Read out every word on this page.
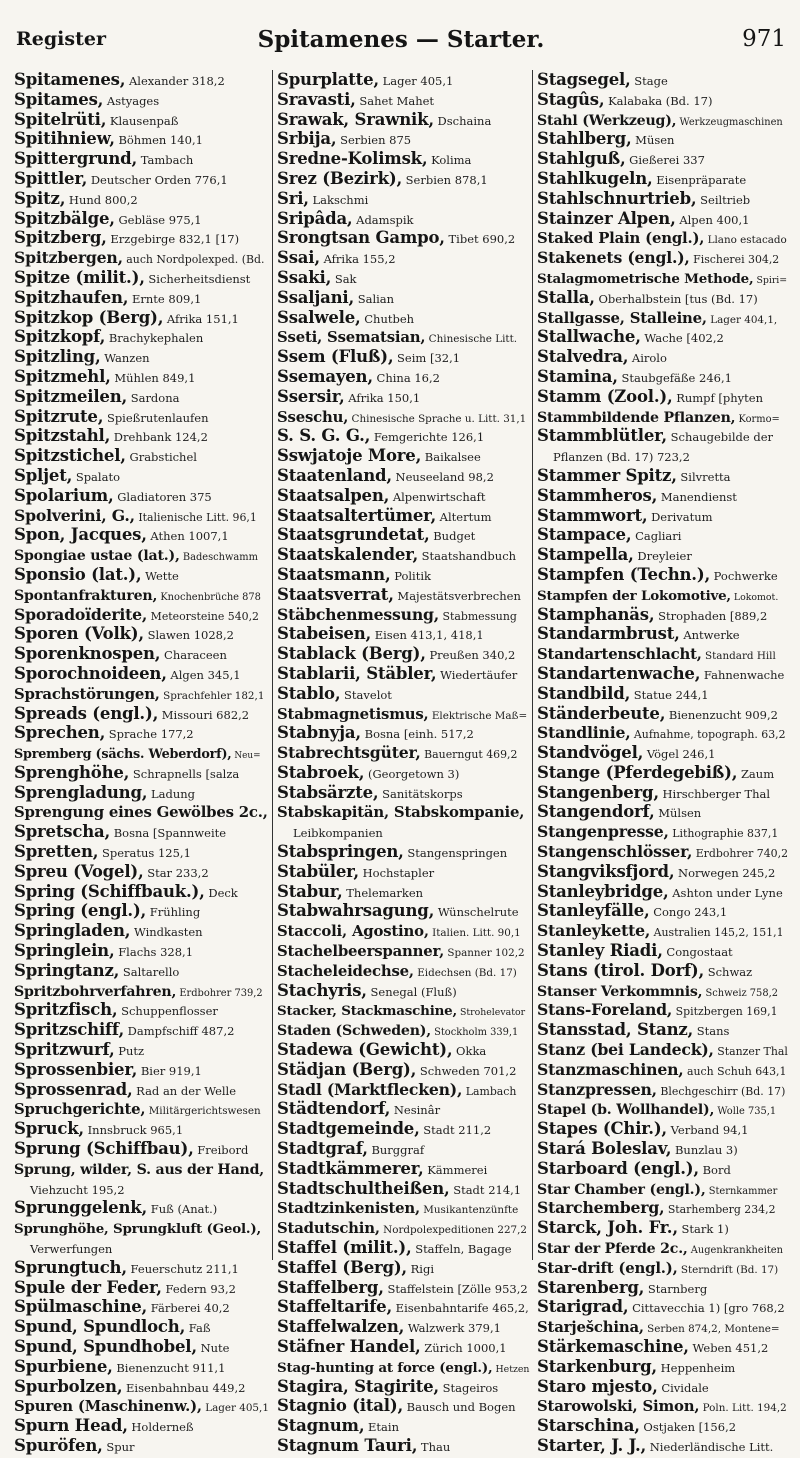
Register	Spitamenes — Starter.	971
Spitamenes, Alexander 318,2
Spitames, Astyages
Spitelrüti, Klausenpaß
Spitihniew, Böhmen 140,1
Spittergrund, Tambach
Spittler, Deutscher Orden 776,1
Spitz, Hund 800,2
Spitzbälge, Gebläse 975,1
Spitzberg, Erzgebirge 832,1 [17)
Spitzbergen, auch Nordpolexped. (Bd.
Spitze (milit.), Sicherheitsdienst
Spitzhaufen, Ernte 809,1
Spitzkop (Berg), Afrika 151,1
Spitzkopf, Brachykephalen
Spitzling, Wanzen
Spitzmehl, Mühlen 849,1
Spitzmeilen, Sardona
Spitzrute, Spießrutenlaufen
Spitzstahl, Drehbank 124,2
Spitzstichel, Grabstichel
Spljet, Spalato
Spolarium, Gladiatoren 375
Spolverini, G., Italienische Litt. 96,1
Spon, Jacques, Athen 1007,1
Spongiae ustae (lat.), Badeschwamm
Sponsio (lat.), Wette
Spontanfrakturen, Knochenbrüche 878
Sporadoïderite, Meteorsteine 540,2
Sporen (Volk), Slawen 1028,2
Sporenknospen, Characeen
Sporochnoideen, Algen 345,1
Sprachstörungen, Sprachfehler 182,1
Spreads (engl.), Missouri 682,2
Sprechen, Sprache 177,2
Spremberg (sächs. Weberdorf), Neu=
Sprenghöhe, Schrapnells [salza
Sprengladung, Ladung
Sprengung eines Gewölbes 2c.,
Spretscha, Bosna [Spannweite
Spretten, Speratus 125,1
Spreu (Vogel), Star 233,2
Spring (Schiffbauk.), Deck
Spring (engl.), Frühling
Springladen, Windkasten
Springlein, Flachs 328,1
Springtanz, Saltarello
Spritzbohrverfahren, Erdbohrer 739,2
Spritzfisch, Schuppenflosser
Spritzschiff, Dampfschiff 487,2
Spritzwurf, Putz
Sprossenbier, Bier 919,1
Sprossenrad, Rad an der Welle
Spruchgerichte, Militärgerichtswesen
Spruck, Innsbruck 965,1
Sprung (Schiffbau), Freibord
Sprung, wilder, S. aus der Hand,
Viehzucht 195,2
Sprunggelenk, Fuß (Anat.)
Sprunghöhe, Sprungkluft (Geol.),
Verwerfungen
Sprungtuch, Feuerschutz 211,1
Spule der Feder, Federn 93,2
Spülmaschine, Färberei 40,2
Spund, Spundloch, Faß
Spund, Spundhobel, Nute
Spurbiene, Bienenzucht 911,1
Spurbolzen, Eisenbahnbau 449,2
Spuren (Maschinenw.), Lager 405,1
Spurn Head, Holderneß
Spuröfen, Spur
Spurplatte, Lager 405,1
Sravasti, Sahet Mahet
Srawak, Srawnik, Dschaina
Srbija, Serbien 875
Sredne-Kolimsk, Kolima
Srez (Bezirk), Serbien 878,1
Sri, Lakschmi
Sripâda, Adamspik
Srongtsan Gampo, Tibet 690,2
Ssai, Afrika 155,2
Ssaki, Sak
Ssaljani, Salian
Ssalwele, Chutbeh
Sseti, Ssematsian, Chinesische Litt.
Ssem (Fluß), Seim [32,1
Ssemayen, China 16,2
Ssersir, Afrika 150,1
Sseschu, Chinesische Sprache u. Litt. 31,1
S. S. G. G., Femgerichte 126,1
Sswjatoje More, Baikalsee
Staatenland, Neuseeland 98,2
Staatsalpen, Alpenwirtschaft
Staatsaltertümer, Altertum
Staatsgrundetat, Budget
Staatskalender, Staatshandbuch
Staatsmann, Politik
Staatsverrat, Majestätsverbrechen
Stäbchenmessung, Stabmessung
Stabeisen, Eisen 413,1, 418,1
Stablack (Berg), Preußen 340,2
Stablarii, Stäbler, Wiedertäufer
Stablo, Stavelot
Stabmagnetismus, Elektrische Maß=
Stabnyja, Bosna [einh. 517,2
Stabrechtsgüter, Bauerngut 469,2
Stabroek, (Georgetown 3)
Stabsärzte, Sanitätskorps
Stabskapitän, Stabskompanie,
Leibkompanien
Stabspringen, Stangenspringen
Stabüler, Hochstapler
Stabur, Thelemarken
Stabwahrsagung, Wünschelrute
Staccoli, Agostino, Italien. Litt. 90,1
Stachelbeerspanner, Spanner 102,2
Stacheleidechse, Eidechsen (Bd. 17)
Stachyris, Senegal (Fluß)
Stacker, Stackmaschine, Strohelevator
Staden (Schweden), Stockholm 339,1
Stadewa (Gewicht), Okka
Städjan (Berg), Schweden 701,2
Stadl (Marktflecken), Lambach
Städtendorf, Nesinâr
Stadtgemeinde, Stadt 211,2
Stadtgraf, Burggraf
Stadtkämmerer, Kämmerei
Stadtschultheißen, Stadt 214,1
Stadtzinkenisten, Musikantenzünfte
Stadutschin, Nordpolexpeditionen 227,2
Staffel (milit.), Staffeln, Bagage
Staffel (Berg), Rigi
Staffelberg, Staffelstein [Zölle 953,2
Staffeltarife, Eisenbahntarife 465,2,
Staffelwalzen, Walzwerk 379,1
Stäfner Handel, Zürich 1000,1
Stag-hunting at force (engl.), Hetzen
Stagira, Stagirite, Stageiros
Stagnio (ital), Bausch und Bogen
Stagnum, Etain
Stagnum Tauri, Thau
Stagsegel, Stage
Stagûs, Kalabaka (Bd. 17)
Stahl (Werkzeug), Werkzeugmaschinen
Stahlberg, Müsen
Stahlguß, Gießerei 337
Stahlkugeln, Eisenpräparate
Stahlschnurtrieb, Seiltrieb
Stainzer Alpen, Alpen 400,1
Staked Plain (engl.), Llano estacado
Stakenets (engl.), Fischerei 304,2
Stalagmometrische Methode, Spiri=
Stalla, Oberhalbstein [tus (Bd. 17)
Stallgasse, Stalleine, Lager 404,1,
Stallwache, Wache [402,2
Stalvedra, Airolo
Stamina, Staubgefäße 246,1
Stamm (Zool.), Rumpf [phyten
Stammbildende Pflanzen, Kormo=
Stammblütler, Schaugebilde der
Pflanzen (Bd. 17) 723,2
Stammer Spitz, Silvretta
Stammheros, Manendienst
Stammwort, Derivatum
Stampace, Cagliari
Stampella, Dreyleier
Stampfen (Techn.), Pochwerke
Stampfen der Lokomotive, Lokomot.
Stamphanäs, Strophaden [889,2
Standarmbrust, Antwerke
Standartenschlacht, Standard Hill
Standartenwache, Fahnenwache
Standbild, Statue 244,1
Ständerbeute, Bienenzucht 909,2
Standlinie, Aufnahme, topograph. 63,2
Standvögel, Vögel 246,1
Stange (Pferdegebiß), Zaum
Stangenberg, Hirschberger Thal
Stangendorf, Mülsen
Stangenpresse, Lithographie 837,1
Stangenschlösser, Erdbohrer 740,2
Stangviksfjord, Norwegen 245,2
Stanleybridge, Ashton under Lyne
Stanleyfälle, Congo 243,1
Stanleykette, Australien 145,2, 151,1
Stanley Riadi, Congostaat
Stans (tirol. Dorf), Schwaz
Stanser Verkommnis, Schweiz 758,2
Stans-Foreland, Spitzbergen 169,1
Stansstad, Stanz, Stans
Stanz (bei Landeck), Stanzer Thal
Stanzmaschinen, auch Schuh 643,1
Stanzpressen, Blechgeschirr (Bd. 17)
Stapel (b. Wollhandel), Wolle 735,1
Stapes (Chir.), Verband 94,1
Stará Boleslav, Bunzlau 3)
Starboard (engl.), Bord
Star Chamber (engl.), Sternkammer
Starchemberg, Starhemberg 234,2
Starck, Joh. Fr., Stark 1)
Star der Pferde 2c., Augenkrankheiten
Star-drift (engl.), Sterndrift (Bd. 17)
Starenberg, Starnberg
Starigrad, Cittavecchia 1) [gro 768,2
Starješchina, Serben 874,2, Montene=
Stärkemaschine, Weben 451,2
Starkenburg, Heppenheim
Staro mjesto, Cividale
Starowolski, Simon, Poln. Litt. 194,2
Starschina, Ostjaken [156,2
Starter, J. J., Niederländische Litt.
